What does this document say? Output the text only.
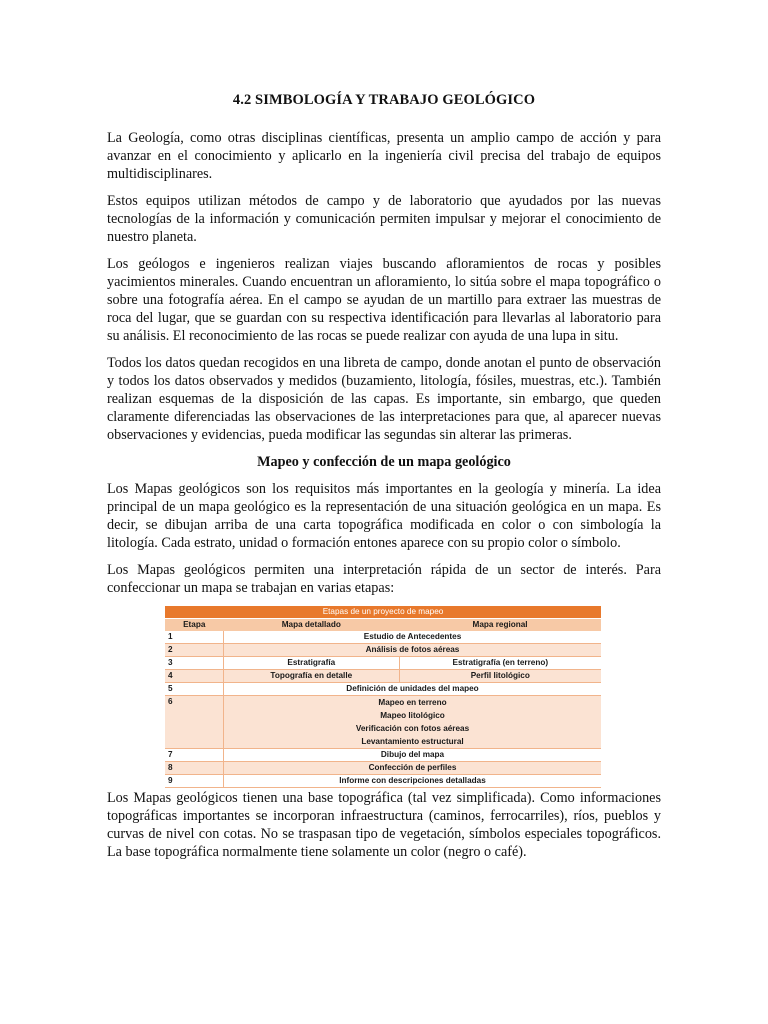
4.2 SIMBOLOGÍA Y TRABAJO GEOLÓGICO

La Geología, como otras disciplinas científicas, presenta un amplio campo de acción y para avanzar en el conocimiento y aplicarlo en la ingeniería civil precisa del trabajo de equipos multidisciplinares.

Estos equipos utilizan métodos de campo y de laboratorio que ayudados por las nuevas tecnologías de la información y comunicación permiten impulsar y mejorar el conocimiento de nuestro planeta.

Los geólogos e ingenieros realizan viajes buscando afloramientos de rocas y posibles yacimientos minerales. Cuando encuentran un afloramiento, lo sitúa sobre el mapa topográfico o sobre una fotografía aérea. En el campo se ayudan de un martillo para extraer las muestras de roca del lugar, que se guardan con su respectiva identificación para llevarlas al laboratorio para su análisis. El reconocimiento de las rocas se puede realizar con ayuda de una lupa in situ.

Todos los datos quedan recogidos en una libreta de campo, donde anotan el punto de observación y todos los datos observados y medidos (buzamiento, litología, fósiles, muestras, etc.). También realizan esquemas de la disposición de las capas. Es importante, sin embargo, que queden claramente diferenciadas las observaciones de las interpretaciones para que, al aparecer nuevas observaciones y evidencias, pueda modificar las segundas sin alterar las primeras.

Mapeo y confección de un mapa geológico

Los Mapas geológicos son los requisitos más importantes en la geología y minería. La idea principal de un mapa geológico es la representación de una situación geológica en un mapa. Es decir, se dibujan arriba de una carta topográfica modificada en color o con simbología la litología. Cada estrato, unidad o formación entones aparece con su propio color o símbolo.

Los Mapas geológicos permiten una interpretación rápida de un sector de interés. Para confeccionar un mapa se trabajan en varias etapas:

Etapas de un proyecto de mapeo		
Etapa	Mapa detallado	Mapa regional
1	Estudio de Antecedentes	
2	Análisis de fotos aéreas	
3	Estratigrafía	Estratigrafía (en terreno)
4	Topografía en detalle	Perfil litológico
5	Definición de unidades del mapeo	
6	Mapeo en terreno
Mapeo litológico
Verificación con fotos aéreas
Levantamiento estructural	

7	Dibujo del mapa	
8	Confección de perfiles	
9	Informe con descripciones detalladas	

Los Mapas geológicos tienen una base topográfica (tal vez simplificada). Como informaciones topográficas importantes se incorporan infraestructura (caminos, ferrocarriles), ríos, pueblos y curvas de nivel con cotas. No se traspasan tipo de vegetación, símbolos especiales topográficos. La base topográfica normalmente tiene solamente un color (negro o café).
